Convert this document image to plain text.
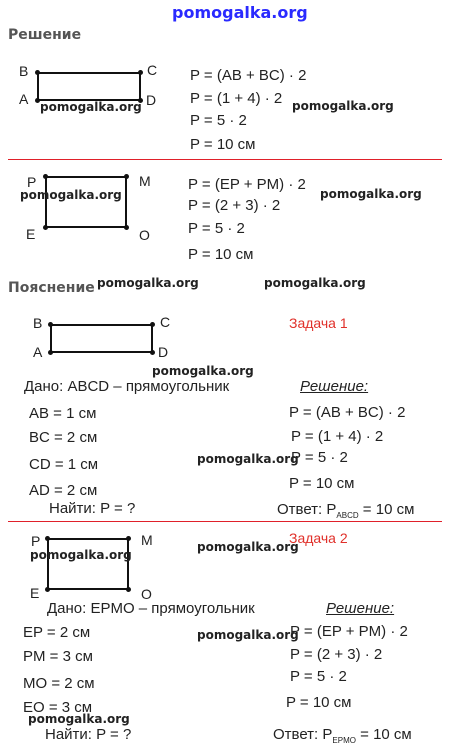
pomogalka.org
Решение
B	C
A	D
pomogalka.org
P = (AB + BC) · 2
P = (1 + 4) · 2 pomogalka.org
P = 5 · 2
P = 10 см
P	M
E	O
pomogalka.org
P = (EP + PM) · 2
pomogalka.org
P = (2 + 3) · 2
P = 5 · 2
P = 10 см
Пояснение pomogalka.org	pomogalka.org
B	C
A	D
Задача 1
pomogalka.org
Дано: ABCD – прямоугольник	Решение:
AB = 1 см
BC = 2 см
CD = 1 см
AD = 2 см
Найти: P = ?
P = (AB + BC) · 2
P = (1 + 4) · 2
P = 5 · 2
pomogalka.org
P = 10 см
Ответ: $P_{ABCD} = 10$ см
P	M
E	O
pomogalka.org
pomogalka.org
Задача 2
Дано: EPMO – прямоугольник	Решение:
EP = 2 см
PM = 3 см
MO = 2 см
EO = 3 см
pomogalka.org
Найти: P = ?
P = (EP + PM) · 2
pomogalka.org
P = (2 + 3) · 2
P = 5 · 2
P = 10 см
Ответ: $P_{EPMO} = 10$ см
